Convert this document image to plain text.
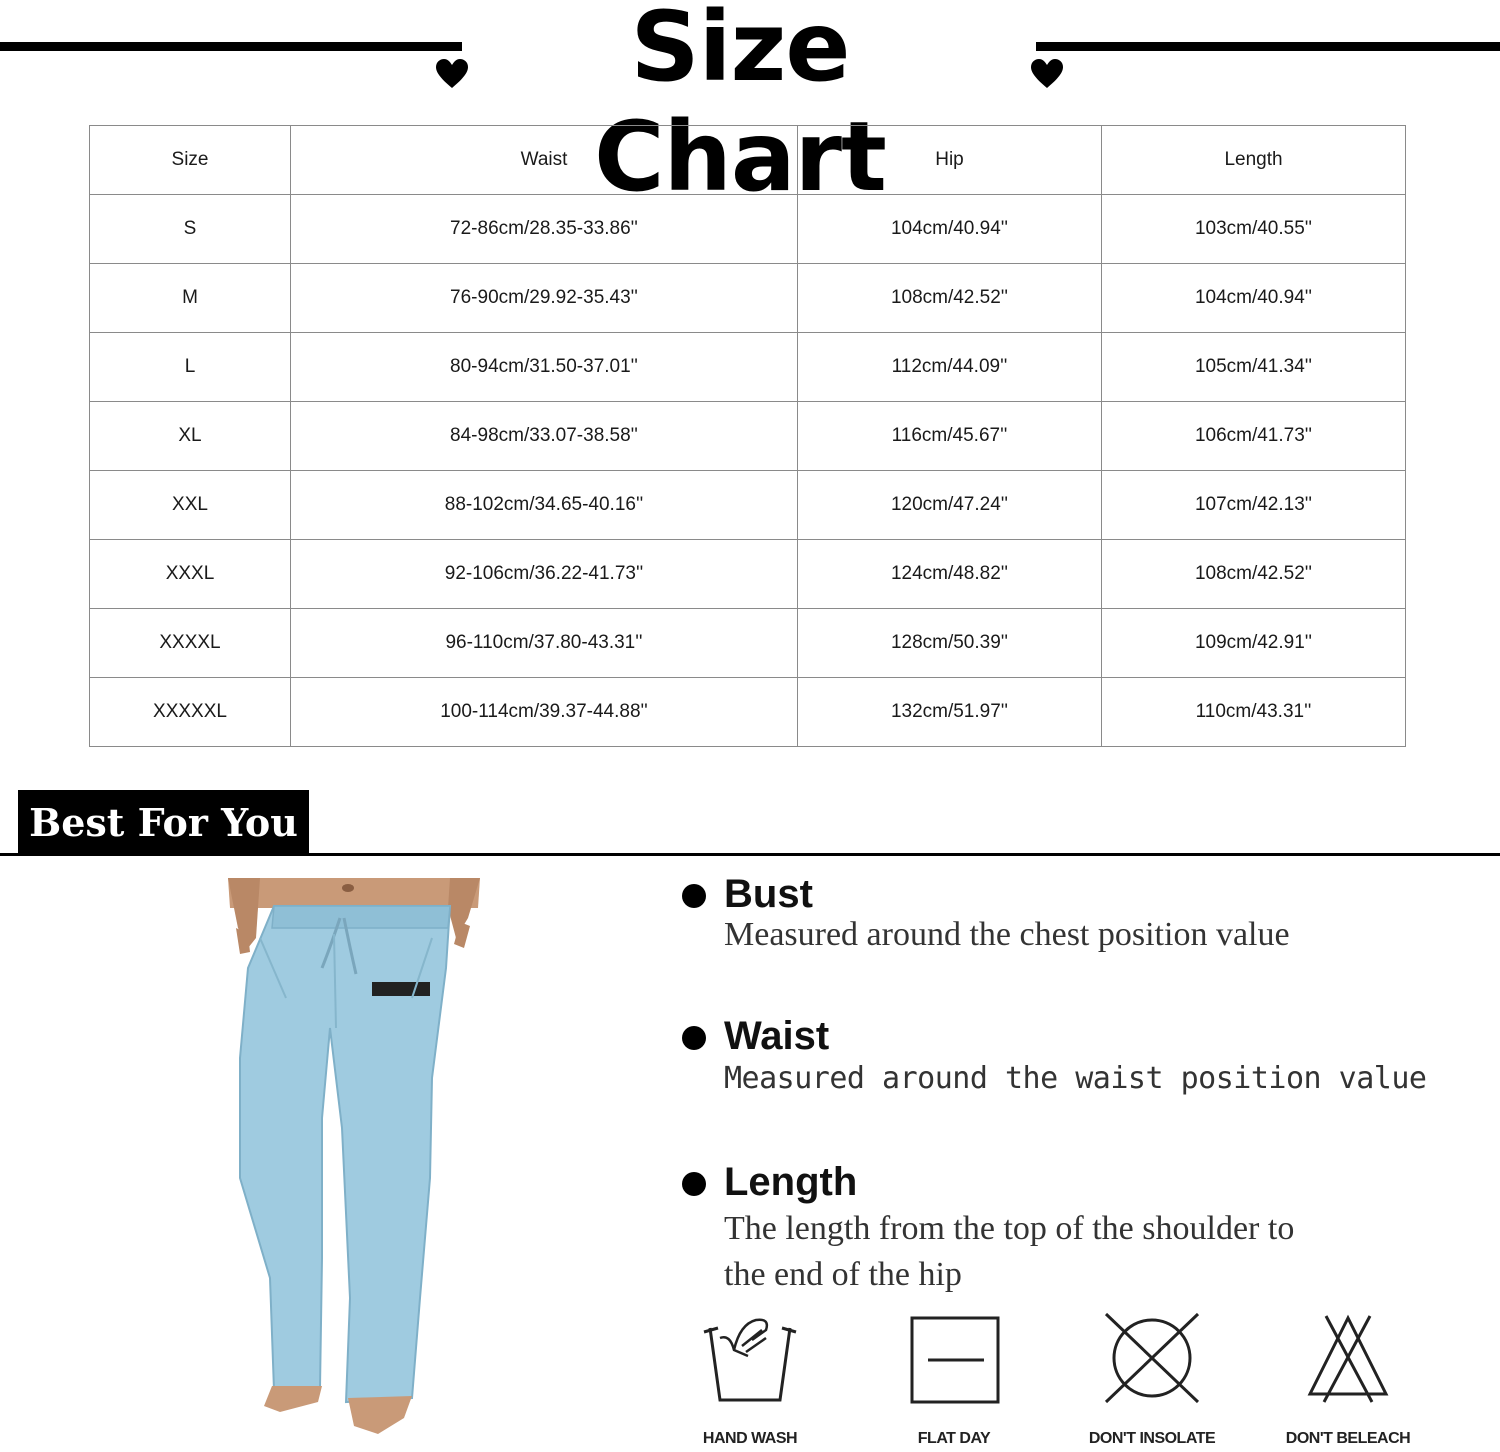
Size Chart
Size	Waist	Hip	Length
S	72-86cm/28.35-33.86''	104cm/40.94''	103cm/40.55''
M	76-90cm/29.92-35.43''	108cm/42.52''	104cm/40.94''
L	80-94cm/31.50-37.01''	112cm/44.09''	105cm/41.34''
XL	84-98cm/33.07-38.58''	116cm/45.67''	106cm/41.73''
XXL	88-102cm/34.65-40.16''	120cm/47.24''	107cm/42.13''
XXXL	92-106cm/36.22-41.73''	124cm/48.82''	108cm/42.52''
XXXXL	96-110cm/37.80-43.31''	128cm/50.39''	109cm/42.91''
XXXXXL	100-114cm/39.37-44.88''	132cm/51.97''	110cm/43.31''
Best For You
Bust
Measured around the chest position value
Waist
Measured around the waist position value
Length
The length from the top of the shoulder to
the end of the hip
HAND WASH	FLAT DAY	DON'T INSOLATE	DON'T BELEACH
